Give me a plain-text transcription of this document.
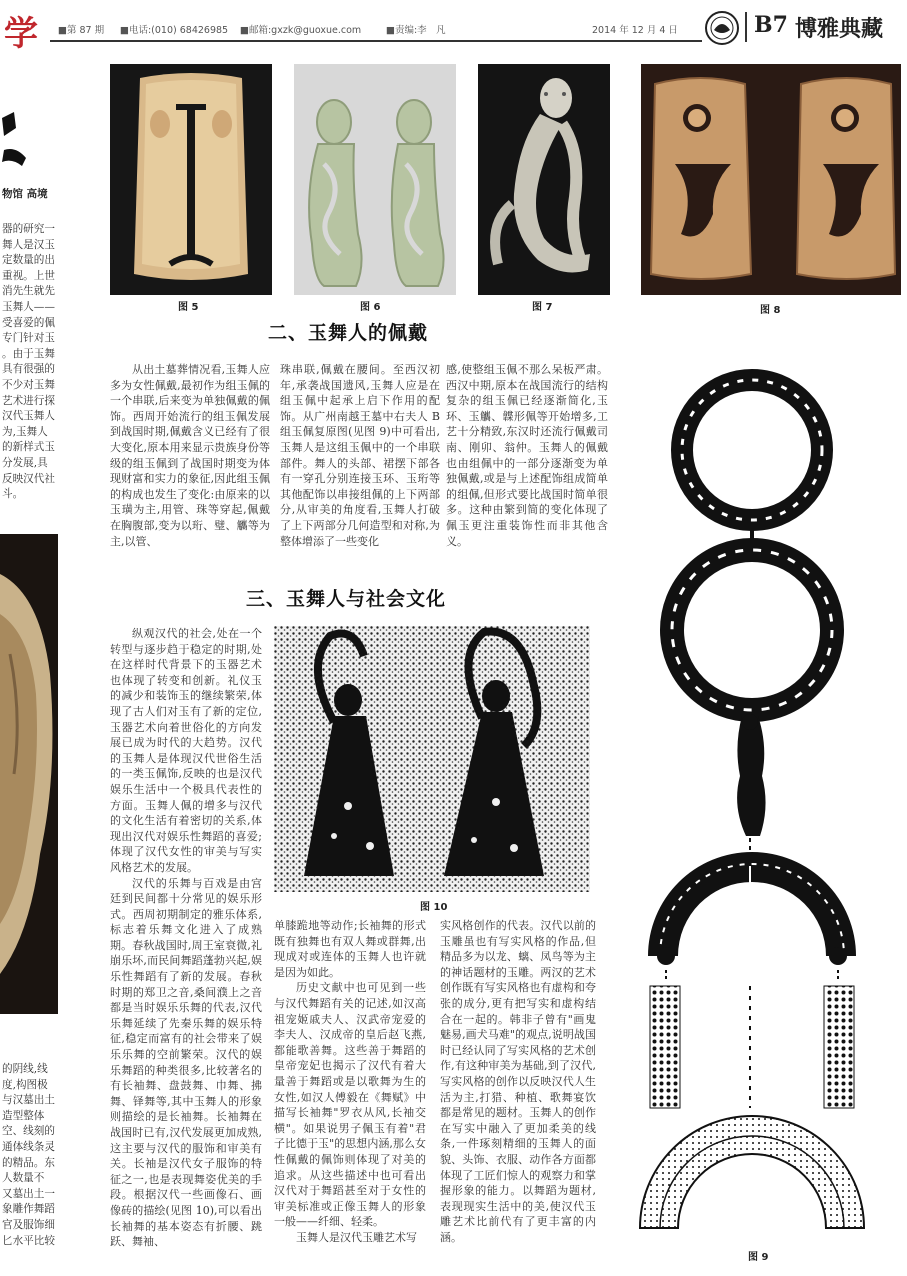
学 ■第 87 期 ■电话:(010) 68426985 ■邮箱:gxzk@guoxue.com	■责编:李　凡	2014 年 12 月 4 日	B7 博雅典藏
物馆 高境
器的研究一
舞人是汉玉
定数量的出
重视。上世
消先生就先
玉舞人——
受喜爱的佩
专门针对玉
。由于玉舞
具有很强的
不少对玉舞
艺术进行探
汉代玉舞人
为,玉舞人
的新样式玉
分发展,具
反映汉代社
斗。
的阴线,线
度,构图极
与汉墓出土
造型整体
空、线刻的
通体线条灵
的精品。东
人数量不
又墓出土一
象雕作舞蹈
官及服饰细
匕水平比较
图 5	图 6	图 7	图 8
二、玉舞人的佩戴

从出土墓葬情况看,玉舞人应多为女性佩戴,最初作为组玉佩的一个串联,后来变为单独佩戴的佩饰。西周开始流行的组玉佩发展到战国时期,佩戴含义已经有了很大变化,原本用来显示贵族身份等级的组玉佩到了战国时期变为体现财富和实力的象征,因此组玉佩的构成也发生了变化:由原来的以玉璜为主,用管、珠等穿起,佩戴在胸腹部,变为以珩、璧、觿等为主,以管、

珠串联,佩戴在腰间。至西汉初年,承袭战国遗风,玉舞人应是在组玉佩中起承上启下作用的配饰。从广州南越王墓中右夫人 B 组玉佩复原图(见图 9)中可看出,玉舞人是这组玉佩中的一个串联部件。舞人的头部、裙摆下部各有一穿孔分别连接玉环、玉珩等其他配饰以串接组佩的上下两部分,从审美的角度看,玉舞人打破了上下两部分几何造型和对称,为整体增添了一些变化

感,使整组玉佩不那么呆板严肃。西汉中期,原本在战国流行的结构复杂的组玉佩已经逐渐简化,玉环、玉觿、韘形佩等开始增多,工艺十分精致,东汉时还流行佩戴司南、刚卯、翁仲。玉舞人的佩戴也由组佩中的一部分逐渐变为单独佩戴,或是与上述配饰组成简单的组佩,但形式要比战国时简单很多。这种由繁到简的变化体现了佩玉更注重装饰性而非其他含义。

三、玉舞人与社会文化

纵观汉代的社会,处在一个转型与逐步趋于稳定的时期,处在这样时代背景下的玉器艺术也体现了转变和创新。礼仪玉的减少和装饰玉的继续繁荣,体现了古人们对玉有了新的定位,玉器艺术向着世俗化的方向发展已成为时代的大趋势。汉代的玉舞人是体现汉代世俗生活的一类玉佩饰,反映的也是汉代娱乐生活中一个极具代表性的方面。玉舞人佩的增多与汉代的文化生活有着密切的关系,体现出汉代对娱乐性舞蹈的喜爱;体现了汉代女性的审美与写实风格艺术的发展。

汉代的乐舞与百戏是由宫廷到民间都十分常见的娱乐形式。西周初期制定的雅乐体系,标志着乐舞文化进入了成熟期。春秋战国时,周王室衰微,礼崩乐坏,而民间舞蹈蓬勃兴起,娱乐性舞蹈有了新的发展。春秋时期的郑卫之音,桑间濮上之音都是当时娱乐乐舞的代表,汉代乐舞延续了先秦乐舞的娱乐特征,稳定而富有的社会带来了娱乐乐舞的空前繁荣。汉代的娱乐舞蹈的种类很多,比较著名的有长袖舞、盘鼓舞、巾舞、拂舞、铎舞等,其中玉舞人的形象则描绘的是长袖舞。长袖舞在战国时已有,汉代发展更加成熟,这主要与汉代的服饰和审美有关。长袖是汉代女子服饰的特征之一,也是表现舞姿优美的手段。根据汉代一些画像石、画像砖的描绘(见图 10),可以看出长袖舞的基本姿态有折腰、跳跃、舞袖、

图 10

单膝跪地等动作;长袖舞的形式既有独舞也有双人舞或群舞,出现成对或连体的玉舞人也许就是因为如此。

历史文献中也可见到一些与汉代舞蹈有关的记述,如汉高祖宠姬戚夫人、汉武帝宠爱的李夫人、汉成帝的皇后赵飞燕,都能歌善舞。这些善于舞蹈的皇帝宠妃也揭示了汉代有着大量善于舞蹈或是以歌舞为生的女性,如汉人傅毅在《舞赋》中描写长袖舞"罗衣从风,长袖交横"。如果说男子佩玉有着"君子比德于玉"的思想内涵,那么女性佩戴的佩饰则体现了对美的追求。从这些描述中也可看出汉代对于舞蹈甚至对于女性的审美标准或正像玉舞人的形象一般——纤细、轻柔。

玉舞人是汉代玉雕艺术写

实风格创作的代表。汉代以前的玉雕虽也有写实风格的作品,但精品多为以龙、螭、凤鸟等为主的神话题材的玉雕。两汉的艺术创作既有写实风格也有虚构和夸张的成分,更有把写实和虚构结合在一起的。韩非子曾有"画鬼魅易,画犬马难"的观点,说明战国时已经认同了写实风格的艺术创作,有这种审美为基础,到了汉代,写实风格的创作以反映汉代人生活为主,打猎、种植、歌舞宴饮都是常见的题材。玉舞人的创作在写实中融入了更加柔美的线条,一件琢刻精细的玉舞人的面貌、头饰、衣服、动作各方面都体现了工匠们惊人的观察力和掌握形象的能力。以舞蹈为题材,表现现实生活中的美,使汉代玉雕艺术比前代有了更丰富的内涵。

图 9
